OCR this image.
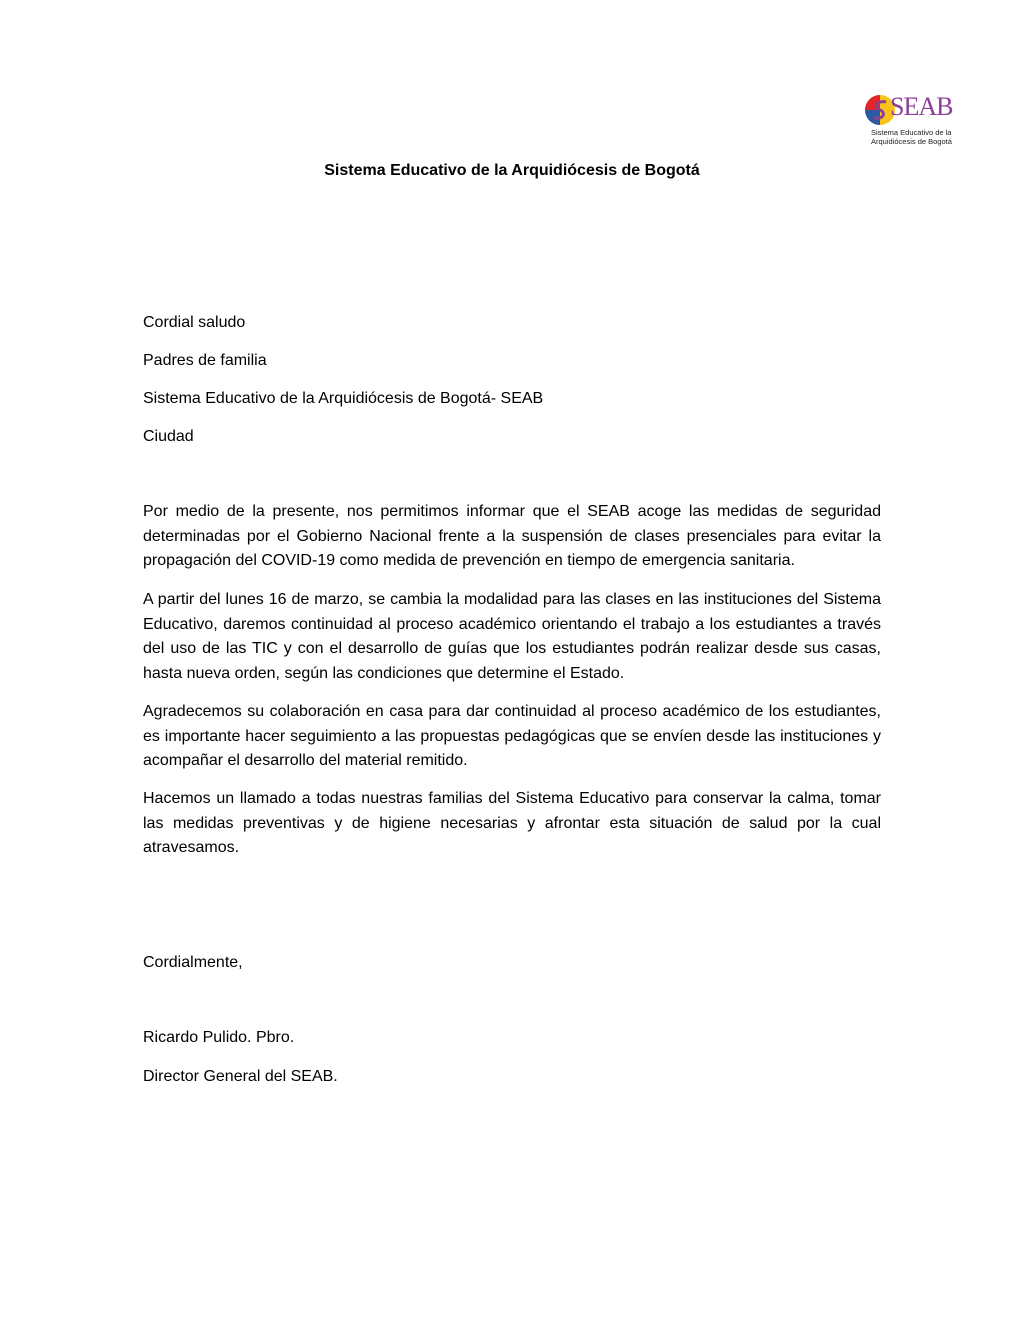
SEAB
Sistema Educativo de la
Arquidiócesis de Bogotá
Sistema Educativo de la Arquidiócesis de Bogotá
Cordial saludo
Padres de familia
Sistema Educativo de la Arquidiócesis de Bogotá- SEAB
Ciudad
Por medio de la presente, nos permitimos informar que el SEAB acoge las medidas de seguridad determinadas por el Gobierno Nacional frente a la suspensión de clases presenciales para evitar la propagación del COVID-19 como medida de prevención en tiempo de emergencia sanitaria.
A partir del lunes 16 de marzo, se cambia la modalidad para las clases en las instituciones del Sistema Educativo, daremos continuidad al proceso académico orientando el trabajo a los estudiantes a través del uso de las TIC y con el desarrollo de guías que los estudiantes podrán realizar desde sus casas, hasta nueva orden, según las condiciones que determine el Estado.
Agradecemos su colaboración en casa para dar continuidad al proceso académico de los estudiantes, es importante hacer seguimiento a las propuestas pedagógicas que se envíen desde las instituciones y acompañar el desarrollo del material remitido.
Hacemos un llamado a todas nuestras familias del Sistema Educativo para conservar la calma, tomar las medidas preventivas y de higiene necesarias y afrontar esta situación de salud por la cual atravesamos.
Cordialmente,
Ricardo Pulido. Pbro.
Director General del SEAB.
